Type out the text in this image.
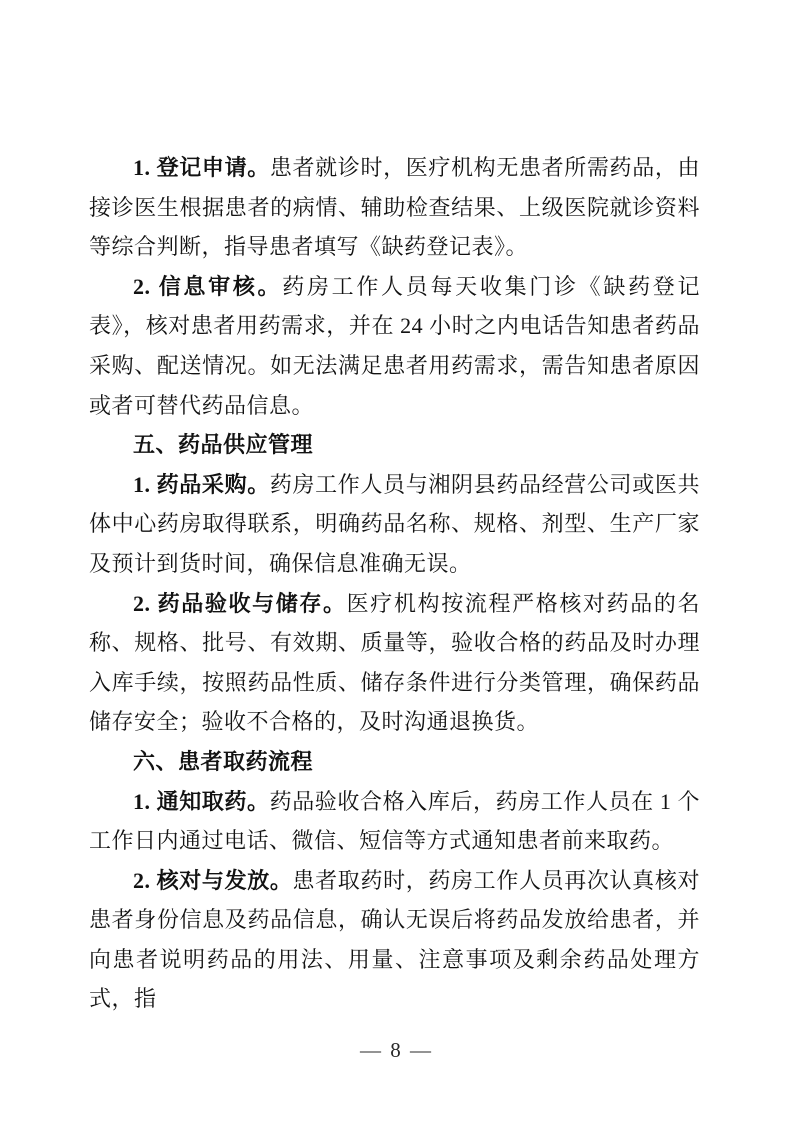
1. 登记申请。患者就诊时，医疗机构无患者所需药品，由接诊医生根据患者的病情、辅助检查结果、上级医院就诊资料等综合判断，指导患者填写《缺药登记表》。

2. 信息审核。药房工作人员每天收集门诊《缺药登记表》，核对患者用药需求，并在 24 小时之内电话告知患者药品采购、配送情况。如无法满足患者用药需求，需告知患者原因或者可替代药品信息。

五、药品供应管理

1. 药品采购。药房工作人员与湘阴县药品经营公司或医共体中心药房取得联系，明确药品名称、规格、剂型、生产厂家及预计到货时间，确保信息准确无误。

2. 药品验收与储存。医疗机构按流程严格核对药品的名称、规格、批号、有效期、质量等，验收合格的药品及时办理入库手续，按照药品性质、储存条件进行分类管理，确保药品储存安全；验收不合格的，及时沟通退换货。

六、患者取药流程

1. 通知取药。药品验收合格入库后，药房工作人员在 1 个工作日内通过电话、微信、短信等方式通知患者前来取药。

2. 核对与发放。患者取药时，药房工作人员再次认真核对患者身份信息及药品信息，确认无误后将药品发放给患者，并向患者说明药品的用法、用量、注意事项及剩余药品处理方式，指

— 8 —
